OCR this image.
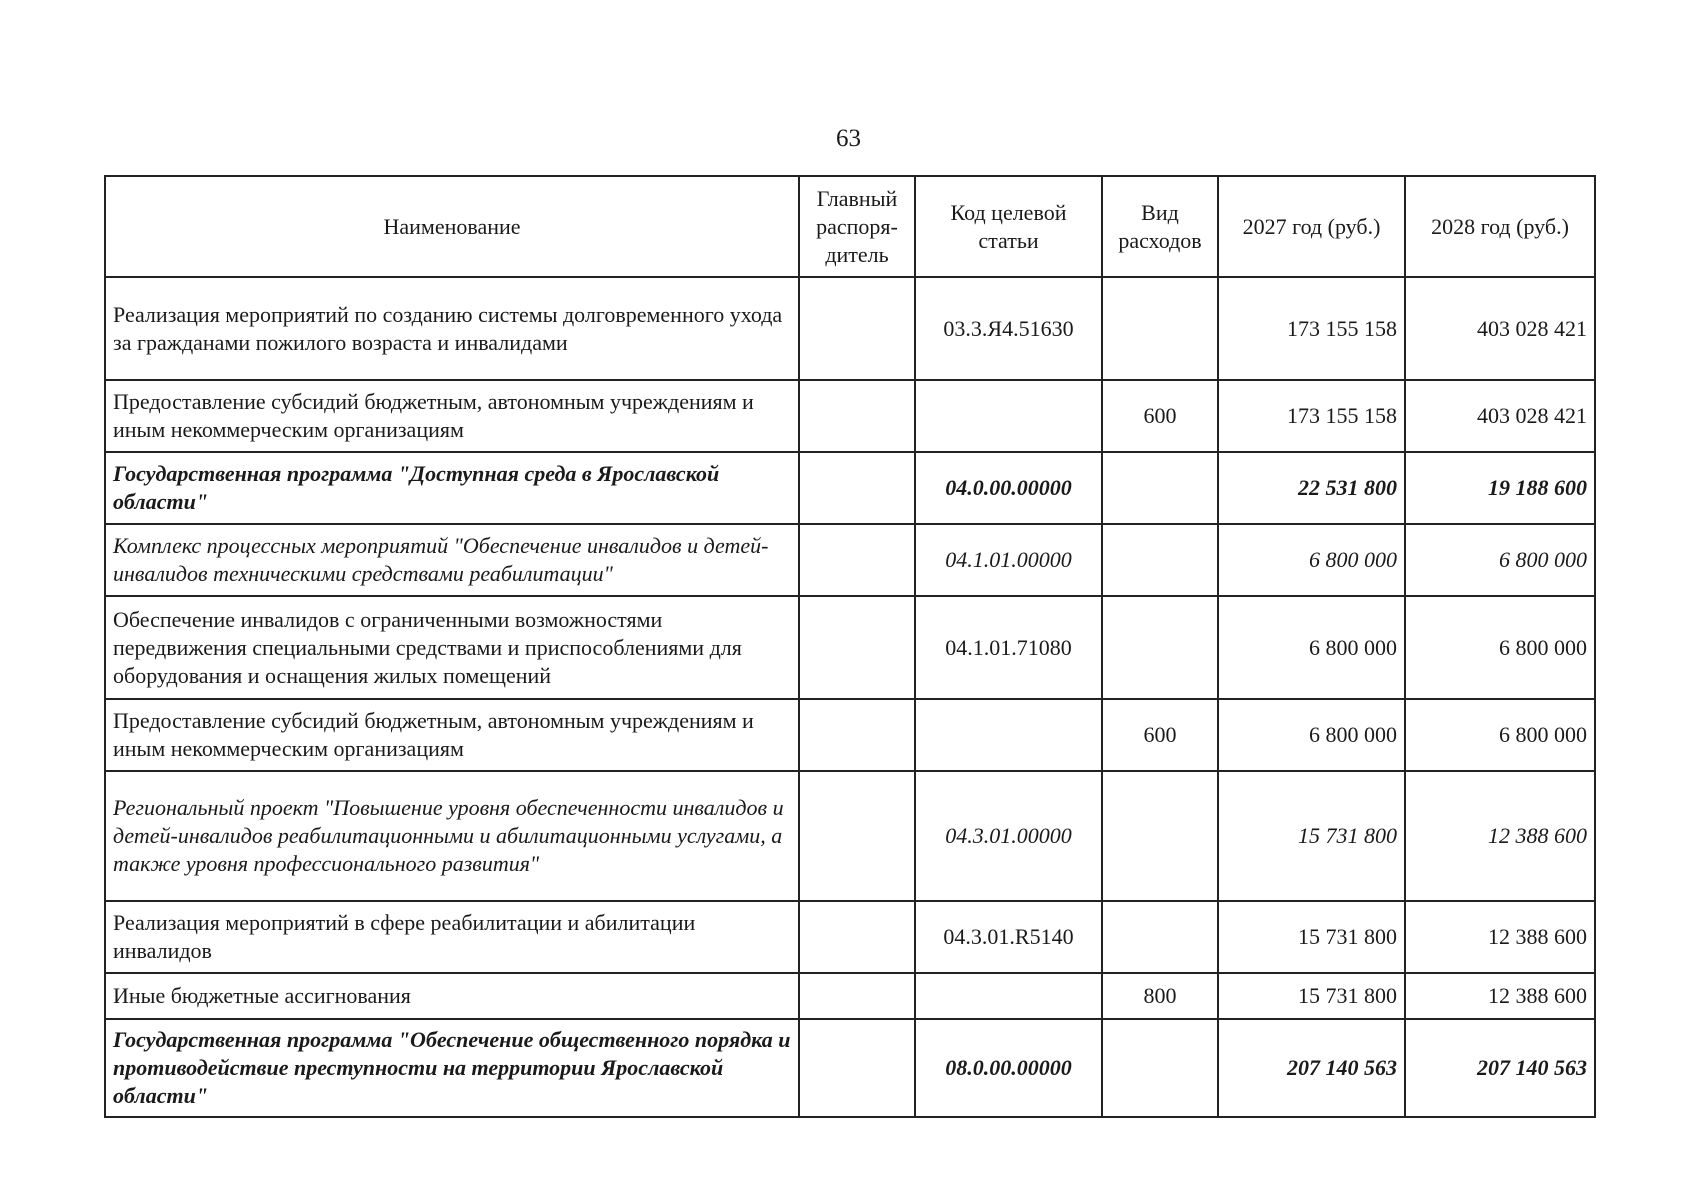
63
Наименование	Главный распоря-дитель	Код целевой статьи	Вид расходов	2027 год (руб.)	2028 год (руб.)
Реализация мероприятий по созданию системы долговременного ухода за гражданами пожилого возраста и инвалидами		03.3.Я4.51630		173 155 158	403 028 421
Предоставление субсидий бюджетным, автономным учреждениям и иным некоммерческим организациям			600	173 155 158	403 028 421
Государственная программа "Доступная среда в Ярославской области"		04.0.00.00000		22 531 800	19 188 600
Комплекс процессных мероприятий "Обеспечение инвалидов и детей-инвалидов техническими средствами реабилитации"		04.1.01.00000		6 800 000	6 800 000
Обеспечение инвалидов с ограниченными возможностями передвижения специальными средствами и приспособлениями для оборудования и оснащения жилых помещений		04.1.01.71080		6 800 000	6 800 000
Предоставление субсидий бюджетным, автономным учреждениям и иным некоммерческим организациям			600	6 800 000	6 800 000
Региональный проект "Повышение уровня обеспеченности инвалидов и детей-инвалидов реабилитационными и абилитационными услугами, а также уровня профессионального развития"		04.3.01.00000		15 731 800	12 388 600
Реализация мероприятий в сфере реабилитации и абилитации инвалидов		04.3.01.R5140		15 731 800	12 388 600
Иные бюджетные ассигнования			800	15 731 800	12 388 600
Государственная программа "Обеспечение общественного порядка и противодействие преступности на территории Ярославской области"		08.0.00.00000		207 140 563	207 140 563
